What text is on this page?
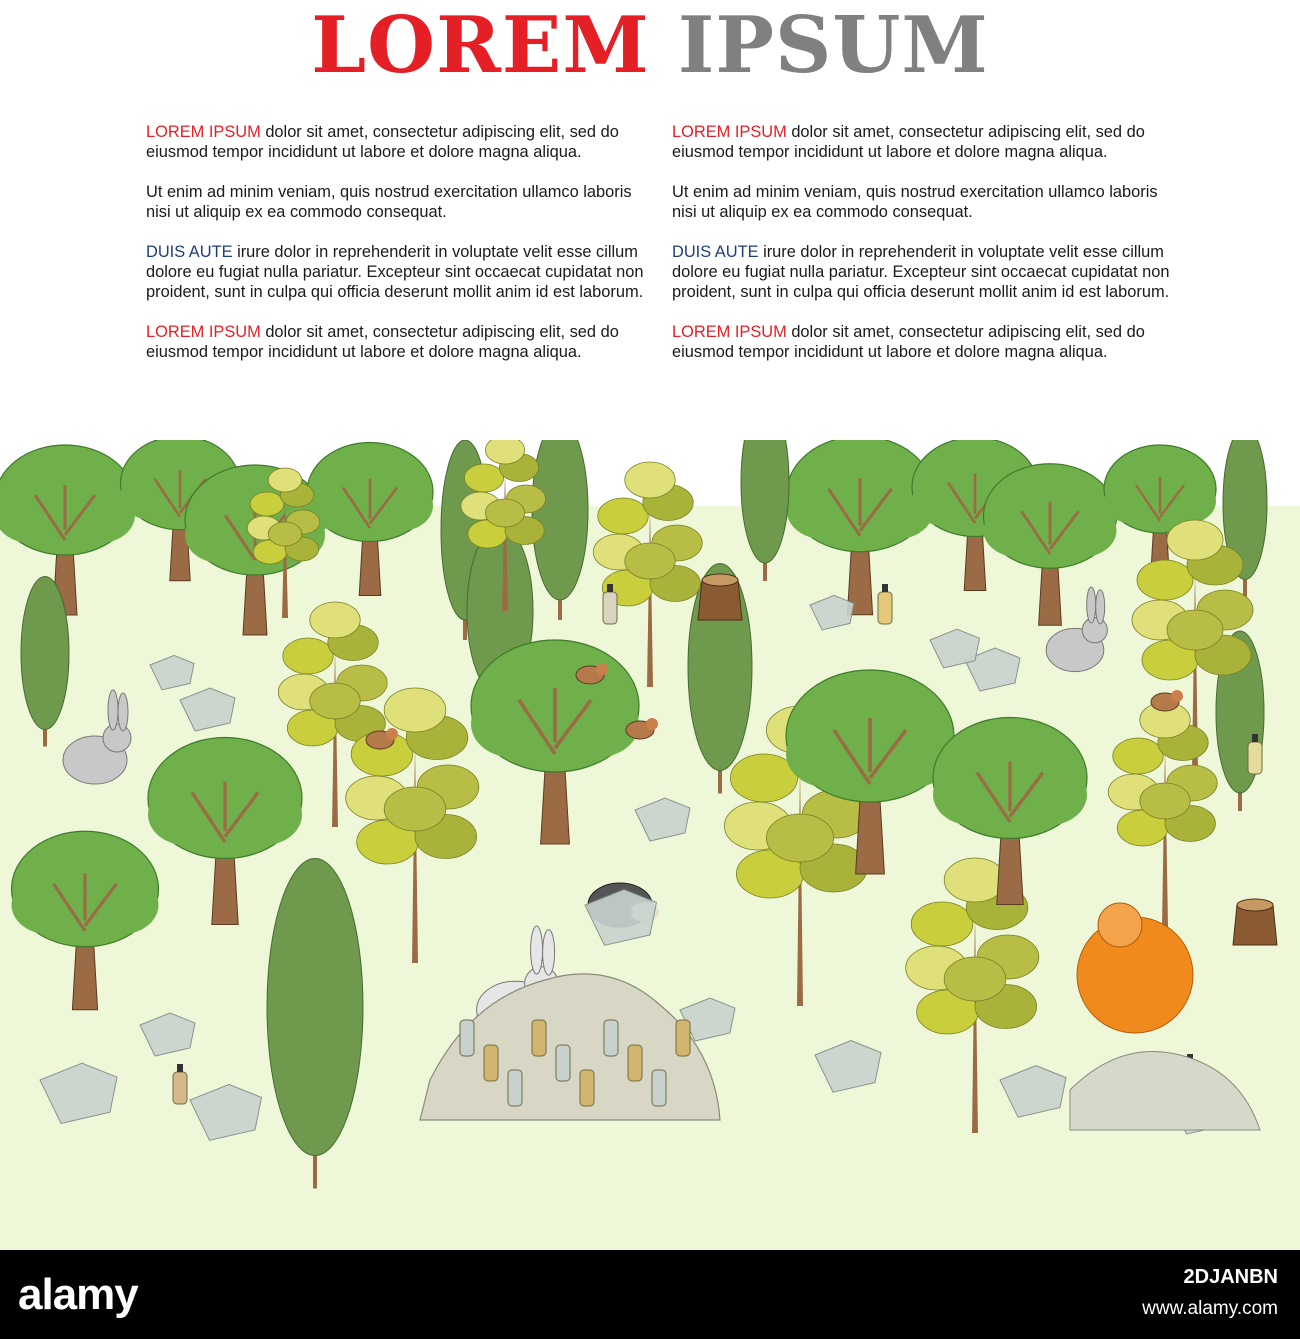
LOREM IPSUM

LOREM IPSUM dolor sit amet, consectetur adipiscing elit, sed do eiusmod tempor incididunt ut labore et dolore magna aliqua.

Ut enim ad minim veniam, quis nostrud exercitation ullamco laboris nisi ut aliquip ex ea commodo consequat.

DUIS AUTE irure dolor in reprehenderit in voluptate velit esse cillum dolore eu fugiat nulla pariatur. Excepteur sint occaecat cupidatat non proident, sunt in culpa qui officia deserunt mollit anim id est laborum.

LOREM IPSUM dolor sit amet, consectetur adipiscing elit, sed do eiusmod tempor incididunt ut labore et dolore magna aliqua.

LOREM IPSUM dolor sit amet, consectetur adipiscing elit, sed do eiusmod tempor incididunt ut labore et dolore magna aliqua.

Ut enim ad minim veniam, quis nostrud exercitation ullamco laboris nisi ut aliquip ex ea commodo consequat.

DUIS AUTE irure dolor in reprehenderit in voluptate velit esse cillum dolore eu fugiat nulla pariatur. Excepteur sint occaecat cupidatat non proident, sunt in culpa qui officia deserunt mollit anim id est laborum.

LOREM IPSUM dolor sit amet, consectetur adipiscing elit, sed do eiusmod tempor incididunt ut labore et dolore magna aliqua.

alamy	2DJANBN
www.alamy.com
